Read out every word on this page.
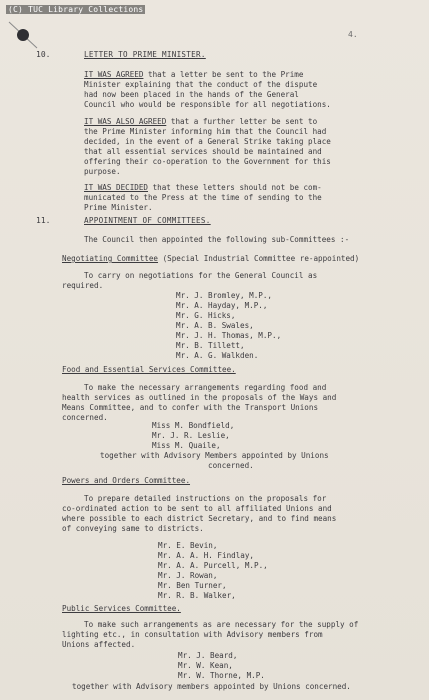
(C) TUC Library Collections
4.
10.	LETTER TO PRIME MINISTER.
IT WAS AGREED that a letter be sent to the Prime
Minister explaining that the conduct of the dispute
had now been placed in the hands of the General
Council who would be responsible for all negotiations.
IT WAS ALSO AGREED that a further letter be sent to
the Prime Minister informing him that the Council had
decided, in the event of a General Strike taking place
that all essential services should be maintained and
offering their co-operation to the Government for this
purpose.
IT WAS DECIDED that these letters should not be com-
municated to the Press at the time of sending to the
Prime Minister.
11.	APPOINTMENT OF COMMITTEES.
The Council then appointed the following sub-Committees :-
Negotiating Committee (Special Industrial Committee re-appointed)
To carry on negotiations for the General Council as
required.
Mr. J. Bromley, M.P.,
Mr. A. Hayday, M.P.,
Mr. G. Hicks,
Mr. A. B. Swales,
Mr. J. H. Thomas, M.P.,
Mr. B. Tillett,
Mr. A. G. Walkden.
Food and Essential Services Committee.
To make the necessary arrangements regarding food and
health services as outlined in the proposals of the Ways and
Means Committee, and to confer with the Transport Unions
concerned.
Miss M. Bondfield,
Mr. J. R. Leslie,
Miss M. Quaile,
together with Advisory Members appointed by Unions
concerned.
Powers and Orders Committee.
To prepare detailed instructions on the proposals for
co-ordinated action to be sent to all affiliated Unions and
where possible to each district Secretary, and to find means
of conveying same to districts.
Mr. E. Bevin,
Mr. A. A. H. Findlay,
Mr. A. A. Purcell, M.P.,
Mr. J. Rowan,
Mr. Ben Turner,
Mr. R. B. Walker,
Public Services Committee.
To make such arrangements as are necessary for the supply of
lighting etc., in consultation with Advisory members from
Unions affected.
Mr. J. Beard,
Mr. W. Kean,
Mr. W. Thorne, M.P.
together with Advisory members appointed by Unions concerned.
